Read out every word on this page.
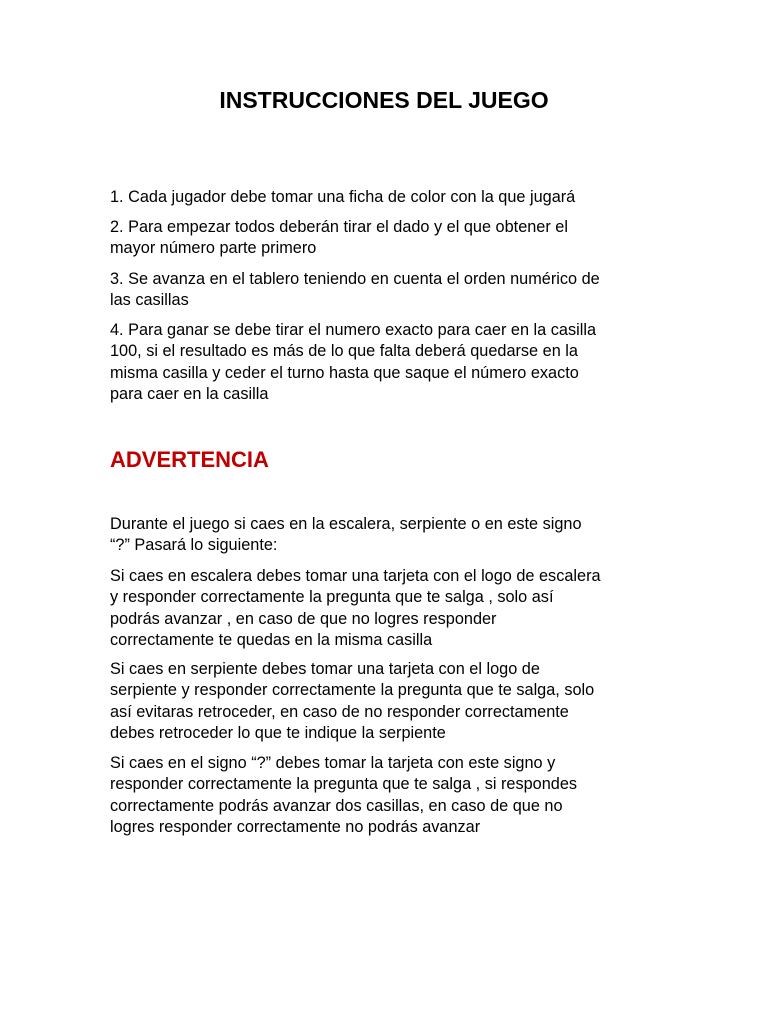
INSTRUCCIONES DEL JUEGO
1. Cada jugador debe tomar una ficha de color con la que jugará
2. Para empezar todos deberán tirar el dado y el que obtener el
mayor número parte primero
3. Se avanza en el tablero teniendo en cuenta el orden numérico de
las casillas
4. Para ganar se debe tirar el numero exacto para caer en la casilla
100, si el resultado es más de lo que falta deberá quedarse en la
misma casilla y ceder el turno hasta que saque el número exacto
para caer en la casilla
ADVERTENCIA
Durante el juego si caes en la escalera, serpiente o en este signo
“?” Pasará lo siguiente:
Si caes en escalera debes tomar una tarjeta con el logo de escalera
y responder correctamente la pregunta que te salga , solo así
podrás avanzar , en caso de que no logres responder
correctamente te quedas en la misma casilla
Si caes en serpiente debes tomar una tarjeta con el logo de
serpiente y responder correctamente la pregunta que te salga, solo
así evitaras retroceder, en caso de no responder correctamente
debes retroceder lo que te indique la serpiente
Si caes en el signo “?” debes tomar la tarjeta con este signo y
responder correctamente la pregunta que te salga , si respondes
correctamente podrás avanzar dos casillas, en caso de que no
logres responder correctamente no podrás avanzar
